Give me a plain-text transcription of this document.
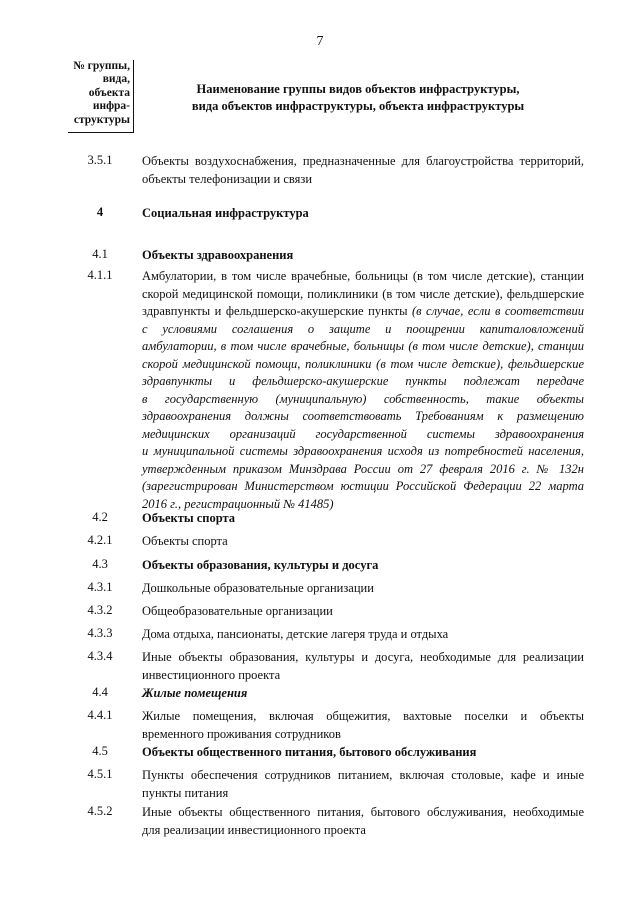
7
№ группы,
вида,
объекта
инфра-
структуры
Наименование группы видов объектов инфраструктуры,
вида объектов инфраструктуры, объекта инфраструктуры
3.5.1	Объекты воздухоснабжения, предназначенные для благоустройства территорий,
объекты телефонизации и связи
4	Социальная инфраструктура
4.1	Объекты здравоохранения
4.1.1	Амбулатории, в том числе врачебные, больницы (в том числе детские), станции
скорой медицинской помощи, поликлиники (в том числе детские), фельдшерские
здравпункты и фельдшерско-акушерские пункты (в случае, если в соответствии
с условиями соглашения о защите и поощрении капиталовложений
амбулатории, в том числе врачебные, больницы (в том числе детские), станции
скорой медицинской помощи, поликлиники (в том числе детские), фельдшерские
здравпункты и фельдшерско-акушерские пункты подлежат передаче
в государственную (муниципальную) собственность, такие объекты
здравоохранения должны соответствовать Требованиям к размещению
медицинских организаций государственной системы здравоохранения
и муниципальной системы здравоохранения исходя из потребностей населения,
утвержденным приказом Минздрава России от 27 февраля 2016 г. № 132н
(зарегистрирован Министерством юстиции Российской Федерации 22 марта
2016 г., регистрационный № 41485)
4.2	Объекты спорта
4.2.1	Объекты спорта
4.3	Объекты образования, культуры и досуга
4.3.1	Дошкольные образовательные организации
4.3.2	Общеобразовательные организации
4.3.3	Дома отдыха, пансионаты, детские лагеря труда и отдыха
4.3.4	Иные объекты образования, культуры и досуга, необходимые для реализации
инвестиционного проекта
4.4	Жилые помещения
4.4.1	Жилые помещения, включая общежития, вахтовые поселки и объекты
временного проживания сотрудников
4.5	Объекты общественного питания, бытового обслуживания
4.5.1	Пункты обеспечения сотрудников питанием, включая столовые, кафе и иные
пункты питания
4.5.2	Иные объекты общественного питания, бытового обслуживания, необходимые
для реализации инвестиционного проекта
